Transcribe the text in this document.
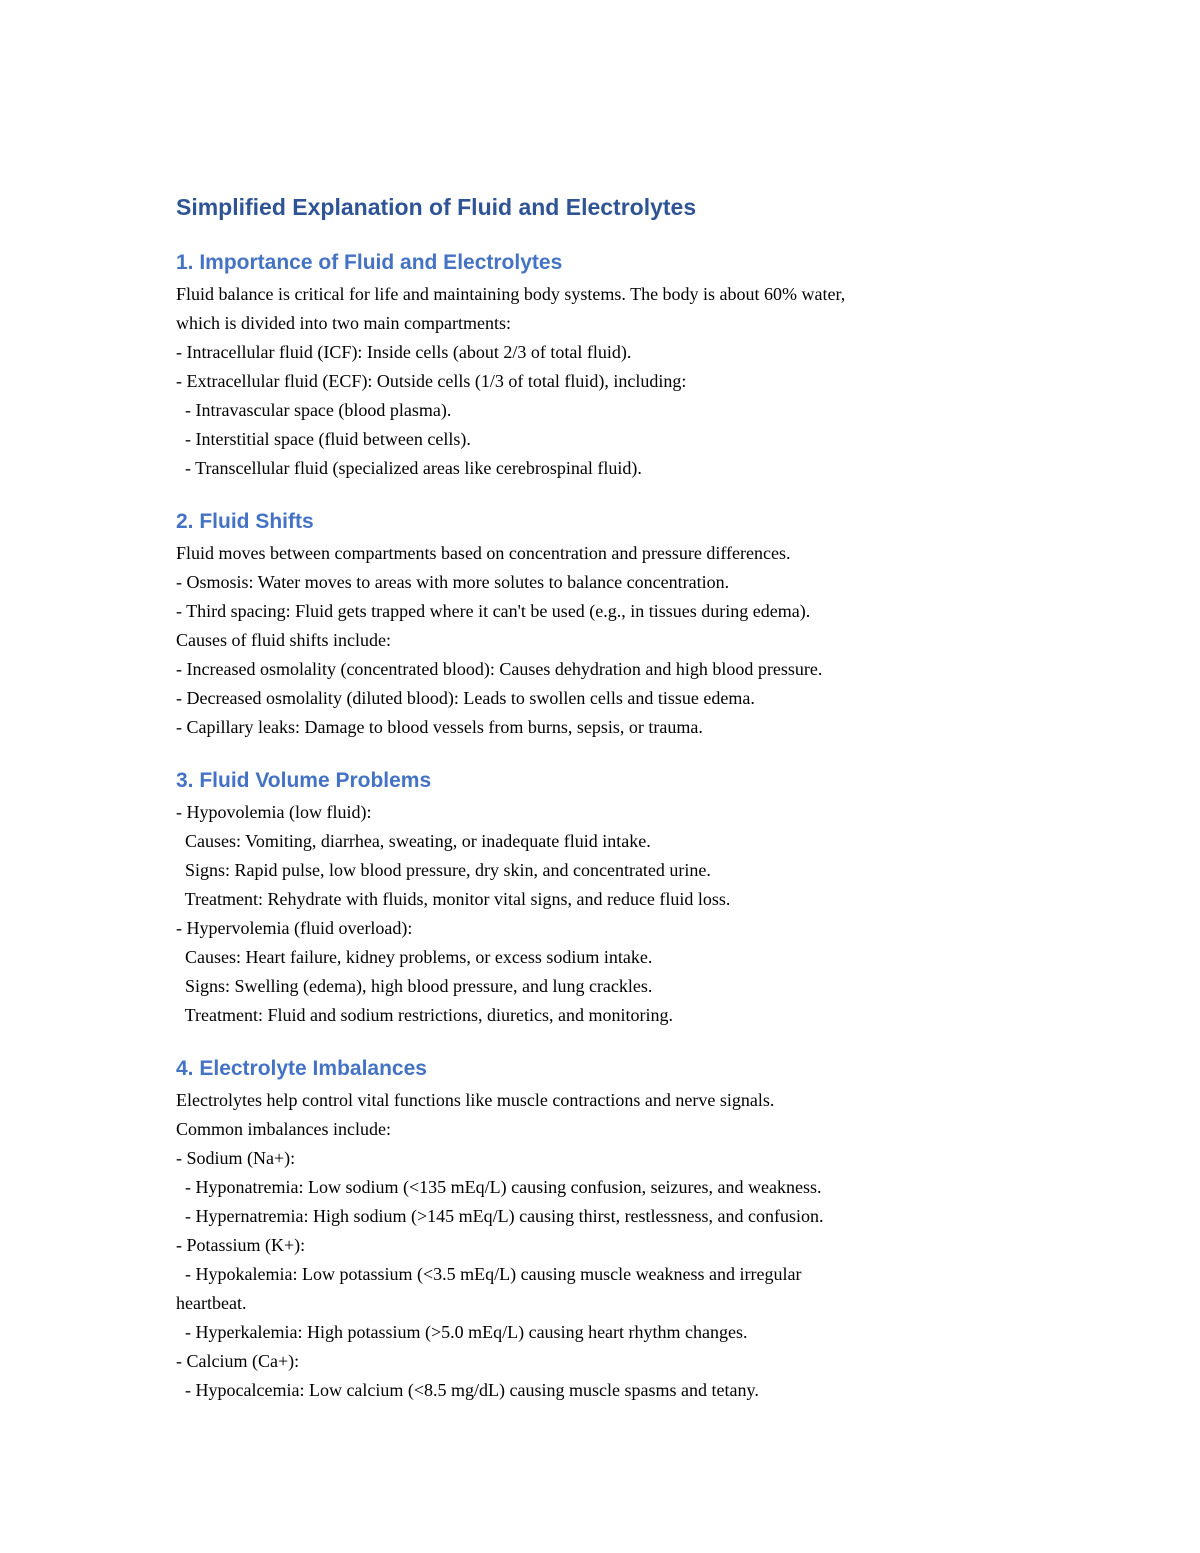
Simplified Explanation of Fluid and Electrolytes
1. Importance of Fluid and Electrolytes

Fluid balance is critical for life and maintaining body systems. The body is about 60% water,

which is divided into two main compartments:

- Intracellular fluid (ICF): Inside cells (about 2/3 of total fluid).

- Extracellular fluid (ECF): Outside cells (1/3 of total fluid), including:

- Intravascular space (blood plasma).

- Interstitial space (fluid between cells).

- Transcellular fluid (specialized areas like cerebrospinal fluid).

2. Fluid Shifts

Fluid moves between compartments based on concentration and pressure differences.

- Osmosis: Water moves to areas with more solutes to balance concentration.

- Third spacing: Fluid gets trapped where it can't be used (e.g., in tissues during edema).

Causes of fluid shifts include:

- Increased osmolality (concentrated blood): Causes dehydration and high blood pressure.

- Decreased osmolality (diluted blood): Leads to swollen cells and tissue edema.

- Capillary leaks: Damage to blood vessels from burns, sepsis, or trauma.

3. Fluid Volume Problems

- Hypovolemia (low fluid):

Causes: Vomiting, diarrhea, sweating, or inadequate fluid intake.

Signs: Rapid pulse, low blood pressure, dry skin, and concentrated urine.

Treatment: Rehydrate with fluids, monitor vital signs, and reduce fluid loss.

- Hypervolemia (fluid overload):

Causes: Heart failure, kidney problems, or excess sodium intake.

Signs: Swelling (edema), high blood pressure, and lung crackles.

Treatment: Fluid and sodium restrictions, diuretics, and monitoring.

4. Electrolyte Imbalances

Electrolytes help control vital functions like muscle contractions and nerve signals.

Common imbalances include:

- Sodium (Na+):

- Hyponatremia: Low sodium (<135 mEq/L) causing confusion, seizures, and weakness.

- Hypernatremia: High sodium (>145 mEq/L) causing thirst, restlessness, and confusion.

- Potassium (K+):

- Hypokalemia: Low potassium (<3.5 mEq/L) causing muscle weakness and irregular

heartbeat.

- Hyperkalemia: High potassium (>5.0 mEq/L) causing heart rhythm changes.

- Calcium (Ca+):

- Hypocalcemia: Low calcium (<8.5 mg/dL) causing muscle spasms and tetany.
